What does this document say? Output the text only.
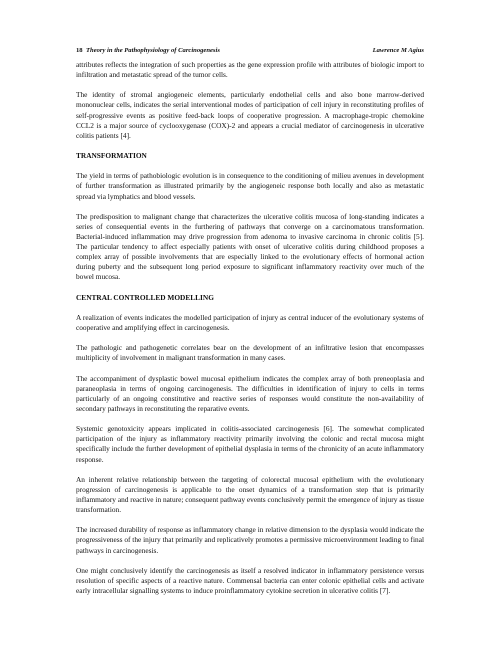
18 Theory in the Pathophysiology of Carcinogenesis	Lawrence M Agius

attributes reflects the integration of such properties as the gene expression profile with attributes of biologic import to infiltration and metastatic spread of the tumor cells.

The identity of stromal angiogeneic elements, particularly endothelial cells and also bone marrow-derived mononuclear cells, indicates the serial interventional modes of participation of cell injury in reconstituting profiles of self-progressive events as positive feed-back loops of cooperative progression. A macrophage-tropic chemokine CCL2 is a major source of cyclooxygenase (COX)-2 and appears a crucial mediator of carcinogenesis in ulcerative colitis patients [4].

TRANSFORMATION

The yield in terms of pathobiologic evolution is in consequence to the conditioning of milieu avenues in development of further transformation as illustrated primarily by the angiogeneic response both locally and also as metastatic spread via lymphatics and blood vessels.

The predisposition to malignant change that characterizes the ulcerative colitis mucosa of long-standing indicates a series of consequential events in the furthering of pathways that converge on a carcinomatous transformation. Bacterial-induced inflammation may drive progression from adenoma to invasive carcinoma in chronic colitis [5]. The particular tendency to affect especially patients with onset of ulcerative colitis during childhood proposes a complex array of possible involvements that are especially linked to the evolutionary effects of hormonal action during puberty and the subsequent long period exposure to significant inflammatory reactivity over much of the bowel mucosa.

CENTRAL CONTROLLED MODELLING

A realization of events indicates the modelled participation of injury as central inducer of the evolutionary systems of cooperative and amplifying effect in carcinogenesis.

The pathologic and pathogenetic correlates bear on the development of an infiltrative lesion that encompasses multiplicity of involvement in malignant transformation in many cases.

The accompaniment of dysplastic bowel mucosal epithelium indicates the complex array of both preneoplasia and paraneoplasia in terms of ongoing carcinogenesis. The difficulties in identification of injury to cells in terms particularly of an ongoing constitutive and reactive series of responses would constitute the non-availability of secondary pathways in reconstituting the reparative events.

Systemic genotoxicity appears implicated in colitis-associated carcinogenesis [6]. The somewhat complicated participation of the injury as inflammatory reactivity primarily involving the colonic and rectal mucosa might specifically include the further development of epithelial dysplasia in terms of the chronicity of an acute inflammatory response.

An inherent relative relationship between the targeting of colorectal mucosal epithelium with the evolutionary progression of carcinogenesis is applicable to the onset dynamics of a transformation step that is primarily inflammatory and reactive in nature; consequent pathway events conclusively permit the emergence of injury as tissue transformation.

The increased durability of response as inflammatory change in relative dimension to the dysplasia would indicate the progressiveness of the injury that primarily and replicatively promotes a permissive microenvironment leading to final pathways in carcinogenesis.

One might conclusively identify the carcinogenesis as itself a resolved indicator in inflammatory persistence versus resolution of specific aspects of a reactive nature. Commensal bacteria can enter colonic epithelial cells and activate early intracellular signalling systems to induce proinflammatory cytokine secretion in ulcerative colitis [7].
